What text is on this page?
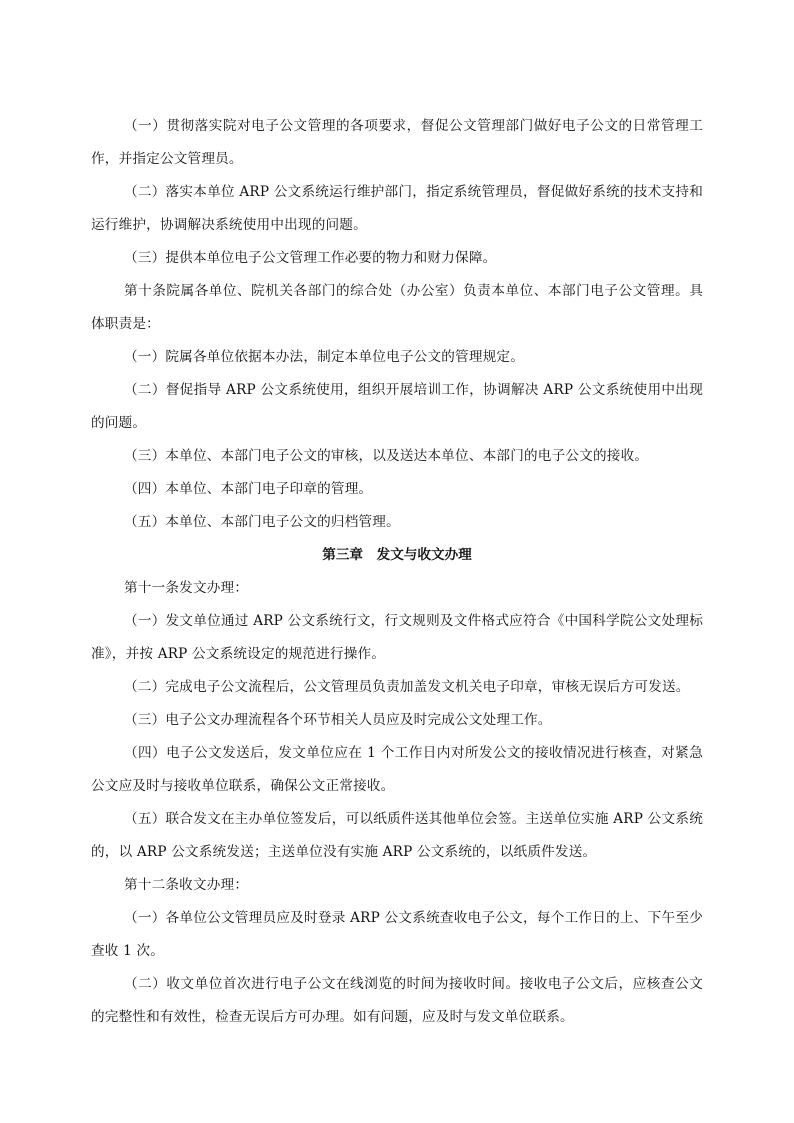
（一）贯彻落实院对电子公文管理的各项要求，督促公文管理部门做好电子公文的日常管理工作，并指定公文管理员。

（二）落实本单位 ARP 公文系统运行维护部门，指定系统管理员，督促做好系统的技术支持和运行维护，协调解决系统使用中出现的问题。

（三）提供本单位电子公文管理工作必要的物力和财力保障。

第十条院属各单位、院机关各部门的综合处（办公室）负责本单位、本部门电子公文管理。具体职责是：

（一）院属各单位依据本办法，制定本单位电子公文的管理规定。

（二）督促指导 ARP 公文系统使用，组织开展培训工作，协调解决 ARP 公文系统使用中出现的问题。

（三）本单位、本部门电子公文的审核，以及送达本单位、本部门的电子公文的接收。

（四）本单位、本部门电子印章的管理。

（五）本单位、本部门电子公文的归档管理。

第三章　发文与收文办理

第十一条发文办理：

（一）发文单位通过 ARP 公文系统行文，行文规则及文件格式应符合《中国科学院公文处理标准》，并按 ARP 公文系统设定的规范进行操作。

（二）完成电子公文流程后，公文管理员负责加盖发文机关电子印章，审核无误后方可发送。

（三）电子公文办理流程各个环节相关人员应及时完成公文处理工作。

（四）电子公文发送后，发文单位应在 1 个工作日内对所发公文的接收情况进行核查，对紧急公文应及时与接收单位联系，确保公文正常接收。

（五）联合发文在主办单位签发后，可以纸质件送其他单位会签。主送单位实施 ARP 公文系统的，以 ARP 公文系统发送；主送单位没有实施 ARP 公文系统的，以纸质件发送。

第十二条收文办理：

（一）各单位公文管理员应及时登录 ARP 公文系统查收电子公文，每个工作日的上、下午至少查收 1 次。

（二）收文单位首次进行电子公文在线浏览的时间为接收时间。接收电子公文后，应核查公文的完整性和有效性，检查无误后方可办理。如有问题，应及时与发文单位联系。
